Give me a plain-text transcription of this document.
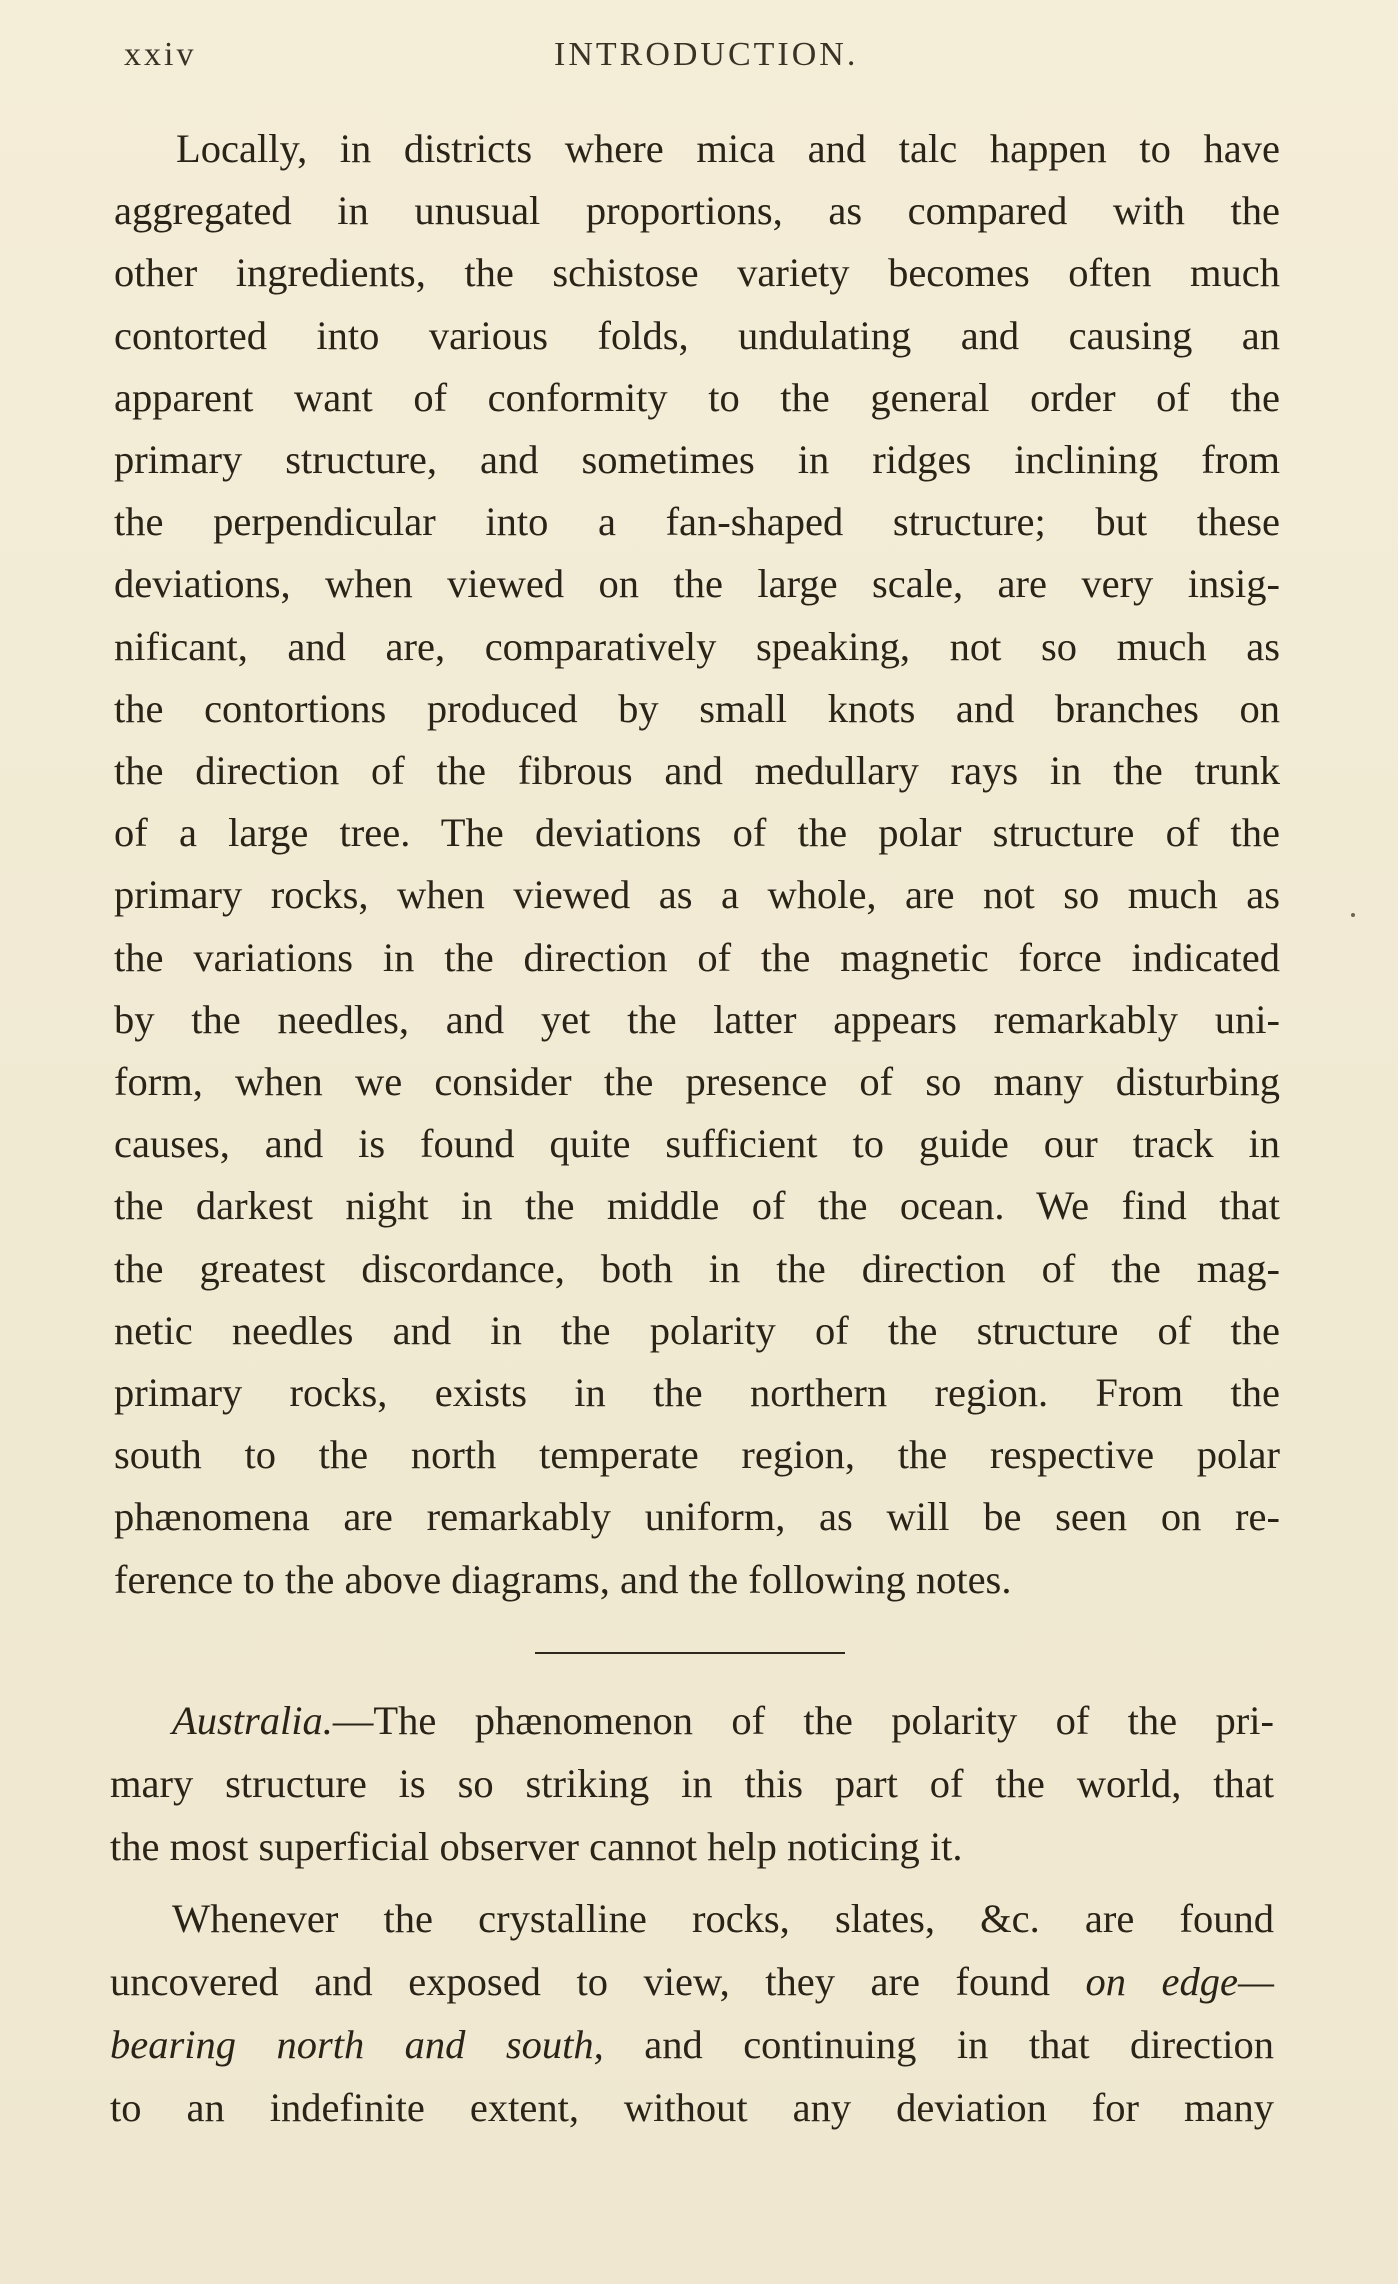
xxiv	INTRODUCTION.
Locally, in districts where mica and talc happen to have
aggregated in unusual proportions, as compared with the
other ingredients, the schistose variety becomes often much
contorted into various folds, undulating and causing an
apparent want of conformity to the general order of the
primary structure, and sometimes in ridges inclining from
the perpendicular into a fan-shaped structure; but these
deviations, when viewed on the large scale, are very insig-
nificant, and are, comparatively speaking, not so much as
the contortions produced by small knots and branches on
the direction of the fibrous and medullary rays in the trunk
of a large tree. The deviations of the polar structure of the
primary rocks, when viewed as a whole, are not so much as
the variations in the direction of the magnetic force indicated
by the needles, and yet the latter appears remarkably uni-
form, when we consider the presence of so many disturbing
causes, and is found quite sufficient to guide our track in
the darkest night in the middle of the ocean. We find that
the greatest discordance, both in the direction of the mag-
netic needles and in the polarity of the structure of the
primary rocks, exists in the northern region. From the
south to the north temperate region, the respective polar
phænomena are remarkably uniform, as will be seen on re-
ference to the above diagrams, and the following notes.
Australia.—The phænomenon of the polarity of the pri-
mary structure is so striking in this part of the world, that
the most superficial observer cannot help noticing it.
Whenever the crystalline rocks, slates, &c. are found
uncovered and exposed to view, they are found on edge—
bearing north and south, and continuing in that direction
to an indefinite extent, without any deviation for many
